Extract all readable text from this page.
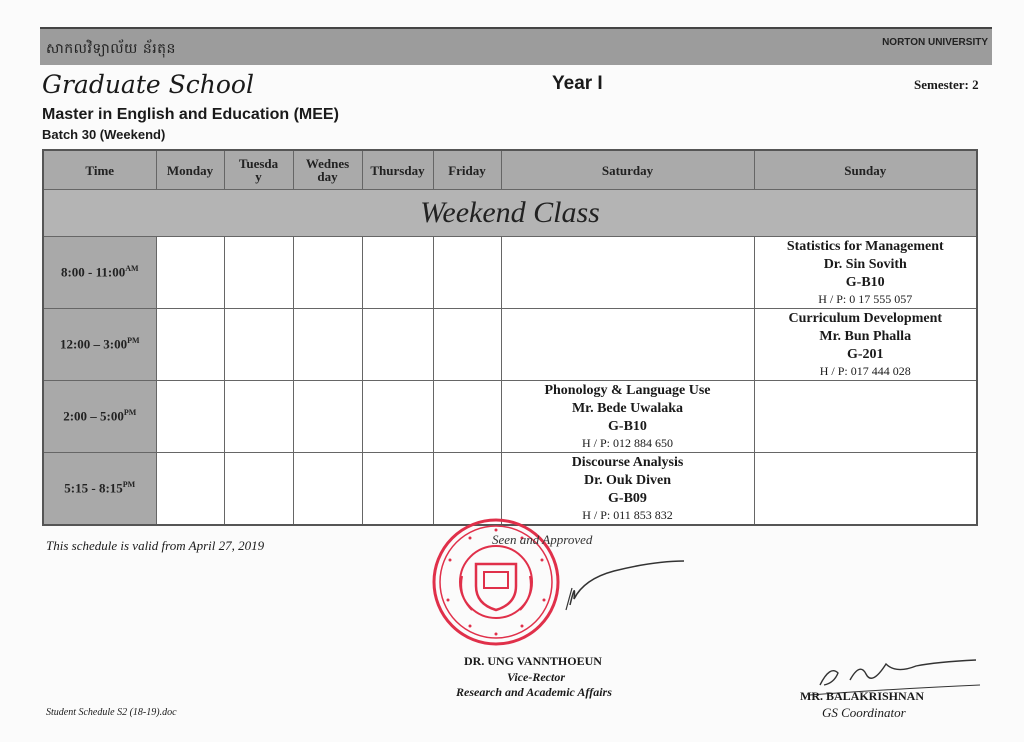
សាកលវិទ្យាល័យ ន័រតុន	NORTON UNIVERSITY
Graduate School	Year I	Semester: 2
Master in English and Education (MEE)
Batch 30 (Weekend)
Time	Monday	Tuesda
y	Wednes
day	Thursday	Friday	Saturday	Sunday
Weekend Class							
8:00 - $11:00^{AM}$							Statistics for Management
Dr. Sin Sovith
G-B10
H / P: 0 17 555 057

12:00 – $3:00^{PM}$							Curriculum Development
Mr. Bun Phalla
G-201
H / P: 017 444 028

2:00 – $5:00^{PM}$						Phonology & Language Use
Mr. Bede Uwalaka
G-B10
H / P: 012 884 650	

5:15 - $8:15^{PM}$						Discourse Analysis
Dr. Ouk Diven
G-B09
H / P: 011 853 832	

This schedule is valid from April 27, 2019	Seen and Approved
DR. UNG VANNTHOEUN
Vice-Rector
Research and Academic Affairs	MR. BALAKRISHNAN
GS Coordinator
Student Schedule S2 (18-19).doc
